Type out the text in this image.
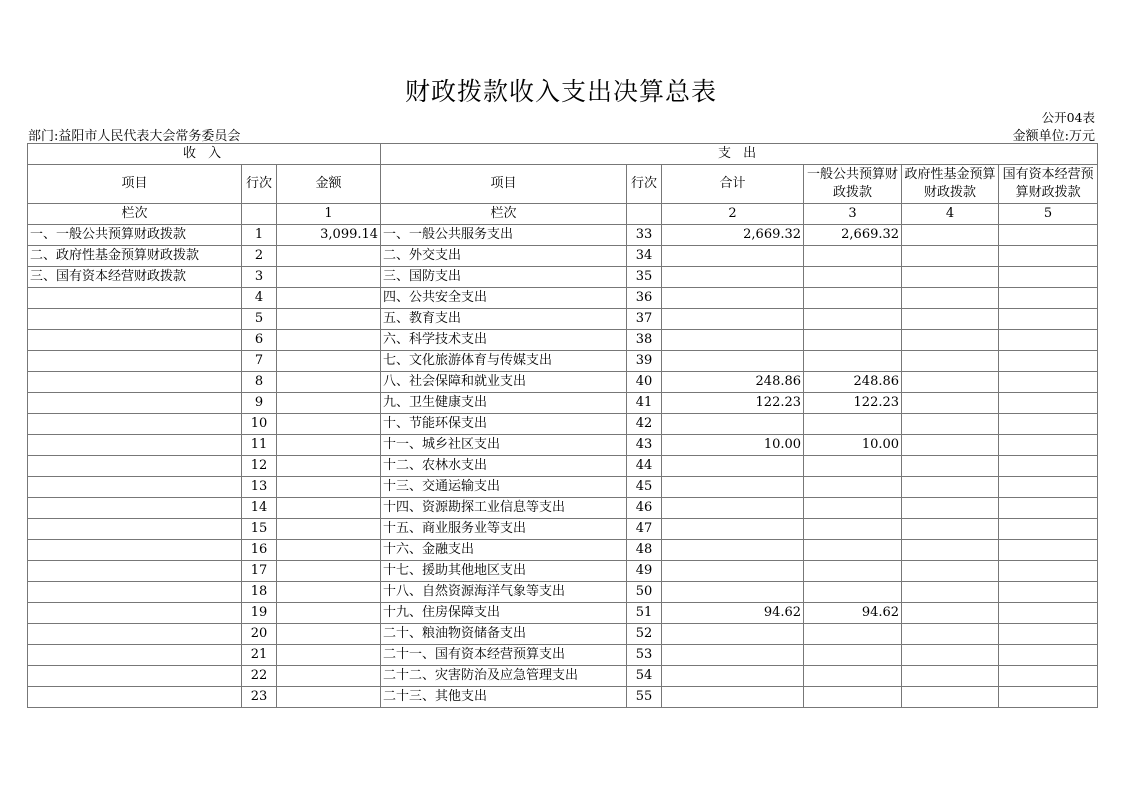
财政拨款收入支出决算总表
公开04表
部门:益阳市人民代表大会常务委员会	金额单位:万元
收 入			支 出					
项目	行次	金额	项目	行次	合计	一般公共预算财政拨款	政府性基金预算财政拨款	国有资本经营预算财政拨款
栏次		1	栏次		2	3	4	5
一、一般公共预算财政拨款	1	3,099.14	一、一般公共服务支出	33	2,669.32	2,669.32		
二、政府性基金预算财政拨款	2		二、外交支出	34				
三、国有资本经营财政拨款	3		三、国防支出	35				
	4		四、公共安全支出	36				
	5		五、教育支出	37				
	6		六、科学技术支出	38				
	7		七、文化旅游体育与传媒支出	39				
	8		八、社会保障和就业支出	40	248.86	248.86		
	9		九、卫生健康支出	41	122.23	122.23		
	10		十、节能环保支出	42				
	11		十一、城乡社区支出	43	10.00	10.00		
	12		十二、农林水支出	44				
	13		十三、交通运输支出	45				
	14		十四、资源勘探工业信息等支出	46				
	15		十五、商业服务业等支出	47				
	16		十六、金融支出	48				
	17		十七、援助其他地区支出	49				
	18		十八、自然资源海洋气象等支出	50				
	19		十九、住房保障支出	51	94.62	94.62		
	20		二十、粮油物资储备支出	52				
	21		二十一、国有资本经营预算支出	53				
	22		二十二、灾害防治及应急管理支出	54				
	23		二十三、其他支出	55				
